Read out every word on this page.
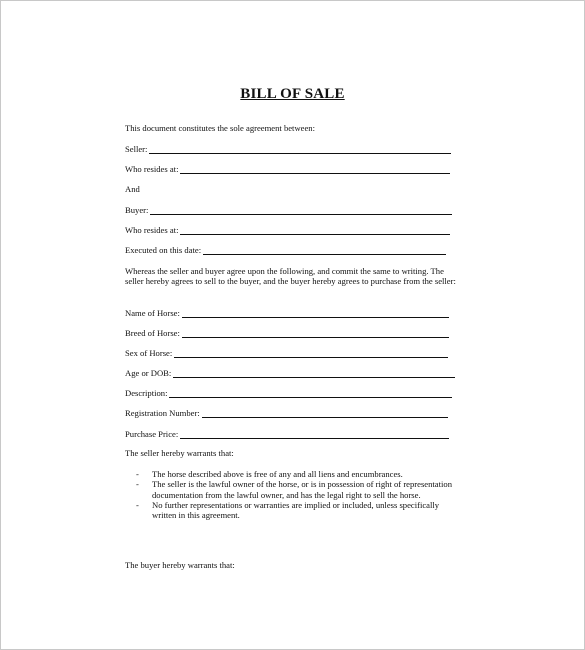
BILL OF SALE
This document constitutes the sole agreement between:
Seller:
Who resides at:
And
Buyer:
Who resides at:
Executed on this date:
Whereas the seller and buyer agree upon the following, and commit the same to writing. The seller hereby agrees to sell to the buyer, and the buyer hereby agrees to purchase from the seller:
Name of Horse:
Breed of Horse:
Sex of Horse:
Age or DOB:
Description:
Registration Number:
Purchase Price:
The seller hereby warrants that:
- The horse described above is free of any and all liens and encumbrances.
- The seller is the lawful owner of the horse, or is in possession of right of representation documentation from the lawful owner, and has the legal right to sell the horse.
- No further representations or warranties are implied or included, unless specifically written in this agreement.
The buyer hereby warrants that:
